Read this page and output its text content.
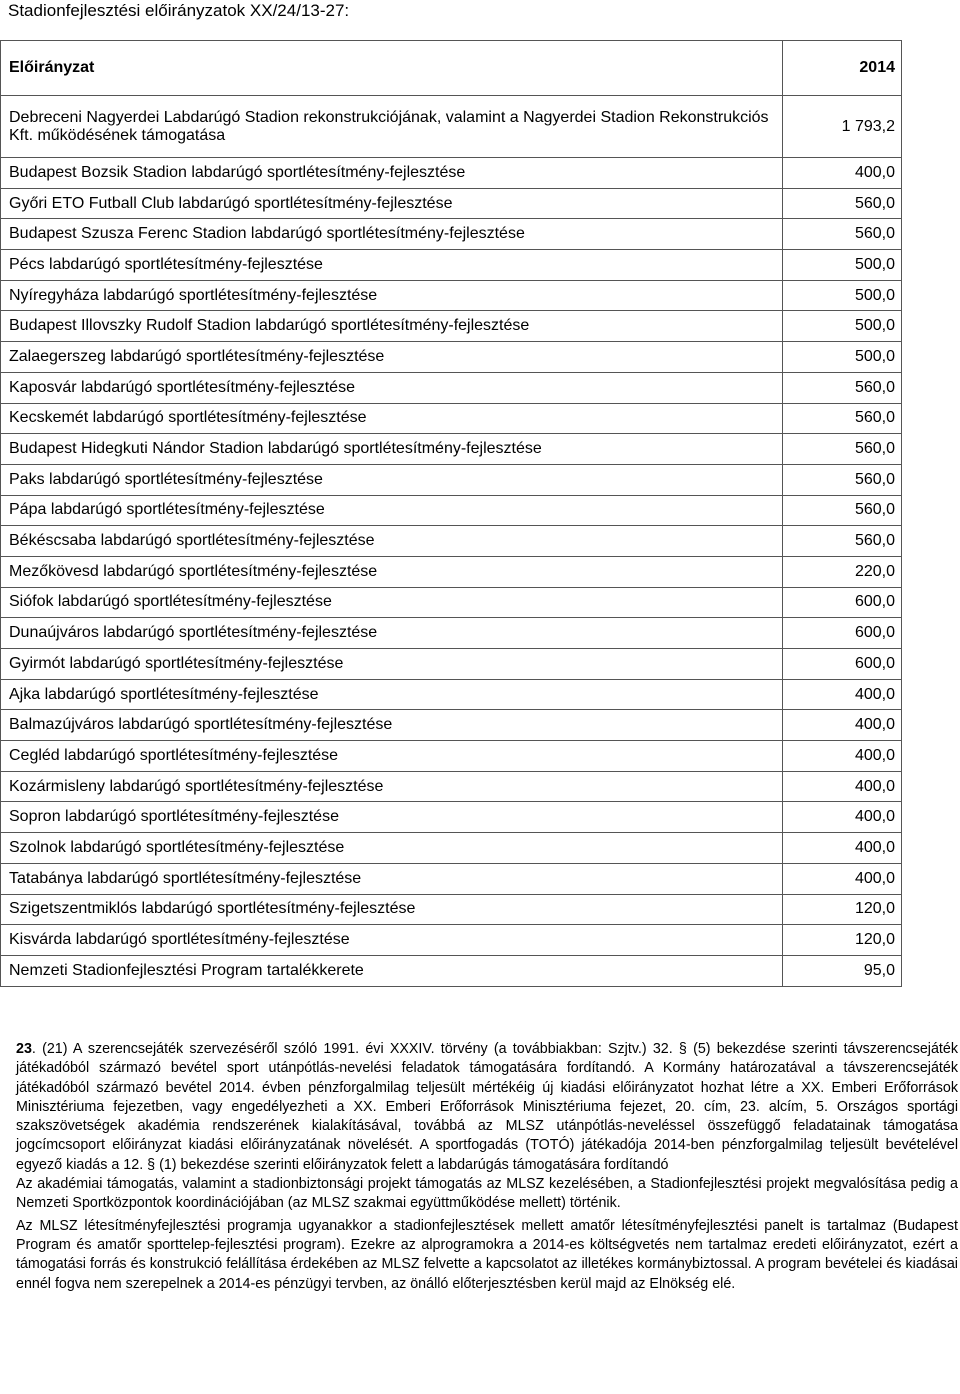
Stadionfejlesztési előirányzatok XX/24/13-27:
Előirányzat	2014
Debreceni Nagyerdei Labdarúgó Stadion rekonstrukciójának, valamint a Nagyerdei Stadion Rekonstrukciós Kft. működésének támogatása	1 793,2
Budapest Bozsik Stadion labdarúgó sportlétesítmény-fejlesztése	400,0
Győri ETO Futball Club labdarúgó sportlétesítmény-fejlesztése	560,0
Budapest Szusza Ferenc Stadion labdarúgó sportlétesítmény-fejlesztése	560,0
Pécs labdarúgó sportlétesítmény-fejlesztése	500,0
Nyíregyháza labdarúgó sportlétesítmény-fejlesztése	500,0
Budapest Illovszky Rudolf Stadion labdarúgó sportlétesítmény-fejlesztése	500,0
Zalaegerszeg labdarúgó sportlétesítmény-fejlesztése	500,0
Kaposvár labdarúgó sportlétesítmény-fejlesztése	560,0
Kecskemét labdarúgó sportlétesítmény-fejlesztése	560,0
Budapest Hidegkuti Nándor Stadion labdarúgó sportlétesítmény-fejlesztése	560,0
Paks labdarúgó sportlétesítmény-fejlesztése	560,0
Pápa labdarúgó sportlétesítmény-fejlesztése	560,0
Békéscsaba labdarúgó sportlétesítmény-fejlesztése	560,0
Mezőkövesd labdarúgó sportlétesítmény-fejlesztése	220,0
Siófok labdarúgó sportlétesítmény-fejlesztése	600,0
Dunaújváros labdarúgó sportlétesítmény-fejlesztése	600,0
Gyirmót labdarúgó sportlétesítmény-fejlesztése	600,0
Ajka labdarúgó sportlétesítmény-fejlesztése	400,0
Balmazújváros labdarúgó sportlétesítmény-fejlesztése	400,0
Cegléd labdarúgó sportlétesítmény-fejlesztése	400,0
Kozármisleny labdarúgó sportlétesítmény-fejlesztése	400,0
Sopron labdarúgó sportlétesítmény-fejlesztése	400,0
Szolnok labdarúgó sportlétesítmény-fejlesztése	400,0
Tatabánya labdarúgó sportlétesítmény-fejlesztése	400,0
Szigetszentmiklós labdarúgó sportlétesítmény-fejlesztése	120,0
Kisvárda labdarúgó sportlétesítmény-fejlesztése	120,0
Nemzeti Stadionfejlesztési Program tartalékkerete	95,0

23. (21) A szerencsejáték szervezéséről szóló 1991. évi XXXIV. törvény (a továbbiakban: Szjtv.) 32. § (5) bekezdése szerinti távszerencsejáték játékadóból származó bevétel sport utánpótlás-nevelési feladatok támogatására fordítandó. A Kormány határozatával a távszerencsejáték játékadóból származó bevétel 2014. évben pénzforgalmilag teljesült mértékéig új kiadási előirányzatot hozhat létre a XX. Emberi Erőforrások Minisztériuma fejezetben, vagy engedélyezheti a XX. Emberi Erőforrások Minisztériuma fejezet, 20. cím, 23. alcím, 5. Országos sportági szakszövetségek akadémia rendszerének kialakításával, továbbá az MLSZ utánpótlás-neveléssel összefüggő feladatainak támogatása jogcímcsoport előirányzat kiadási előirányzatának növelését. A sportfogadás (TOTÓ) játékadója 2014-ben pénzforgalmilag teljesült bevételével egyező kiadás a 12. § (1) bekezdése szerinti előirányzatok felett a labdarúgás támogatására fordítandó

Az akadémiai támogatás, valamint a stadionbiztonsági projekt támogatás az MLSZ kezelésében, a Stadionfejlesztési projekt megvalósítása pedig a Nemzeti Sportközpontok koordinációjában (az MLSZ szakmai együttműködése mellett) történik.

Az MLSZ létesítményfejlesztési programja ugyanakkor a stadionfejlesztések mellett amatőr létesítményfejlesztési panelt is tartalmaz (Budapest Program és amatőr sporttelep-fejlesztési program). Ezekre az alprogramokra a 2014-es költségvetés nem tartalmaz eredeti előirányzatot, ezért a támogatási forrás és konstrukció felállítása érdekében az MLSZ felvette a kapcsolatot az illetékes kormánybiztossal. A program bevételei és kiadásai ennél fogva nem szerepelnek a 2014-es pénzügyi tervben, az önálló előterjesztésben kerül majd az Elnökség elé.
